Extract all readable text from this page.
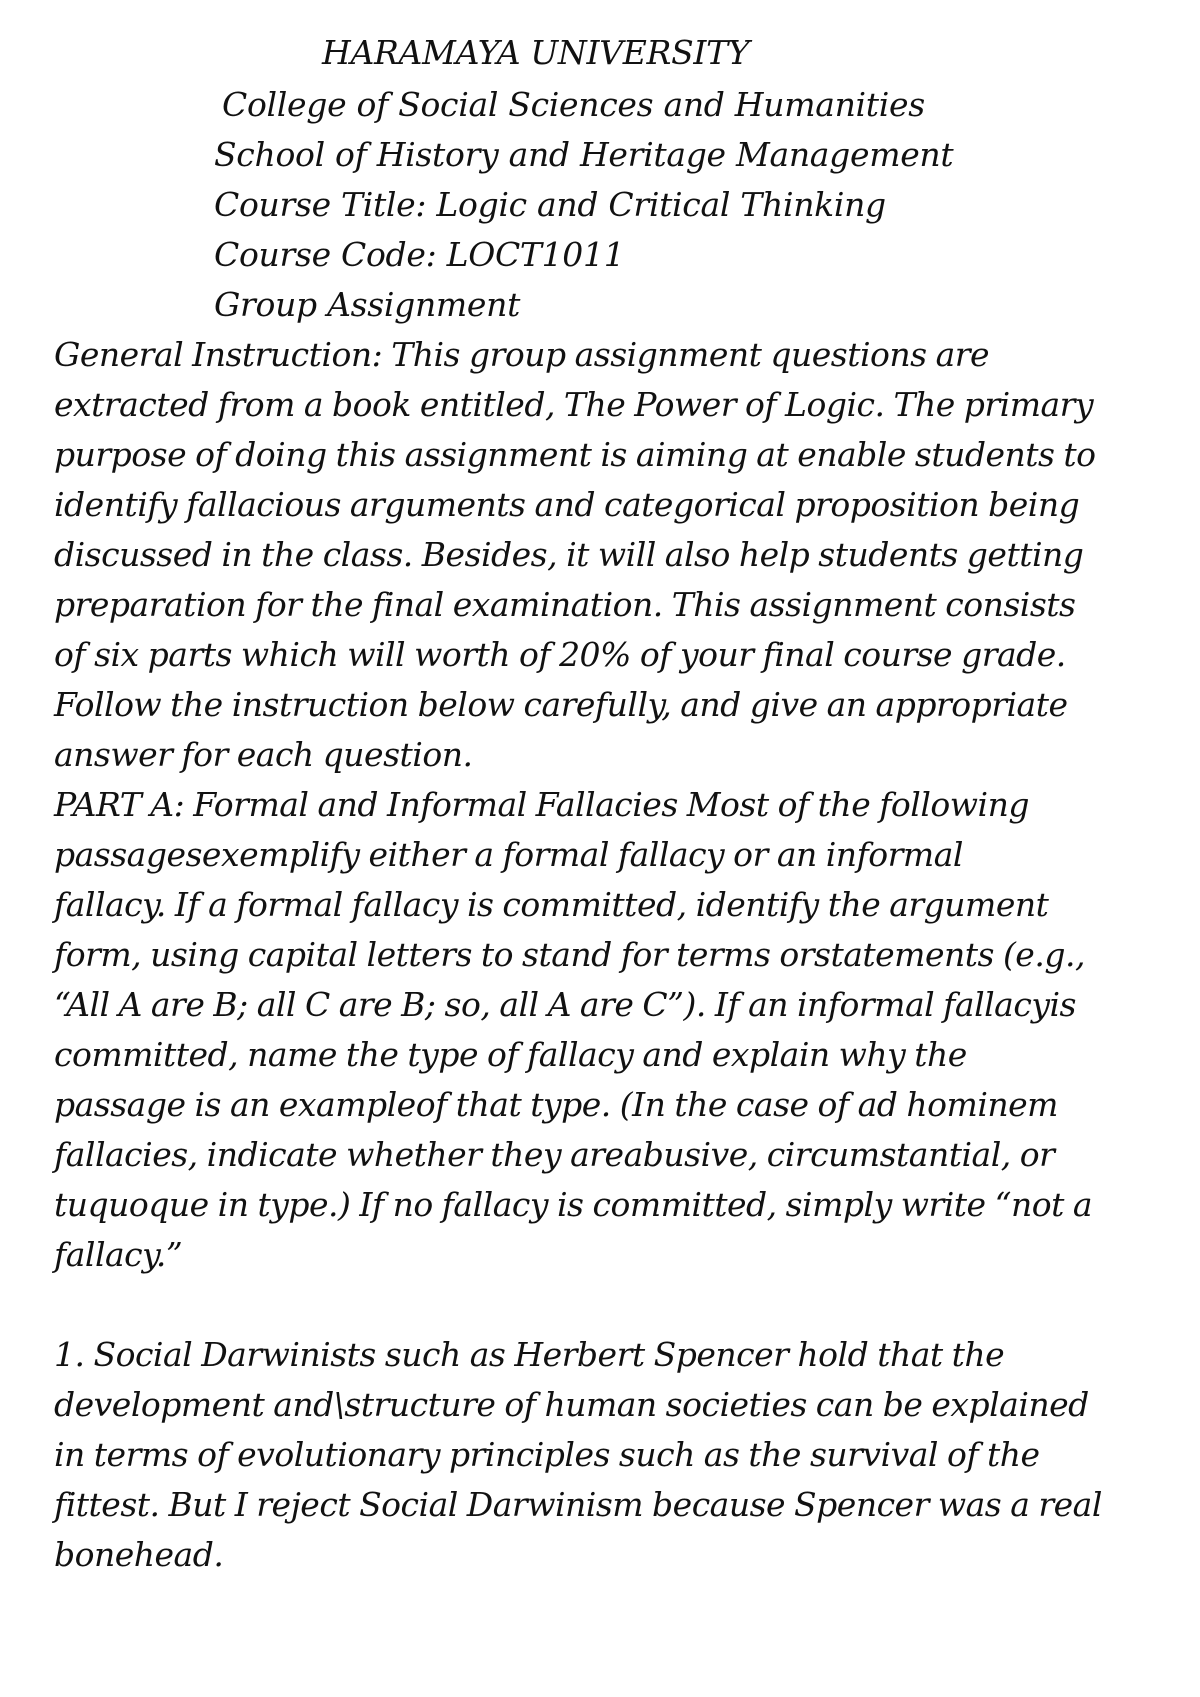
HARAMAYA UNIVERSITY
College of Social Sciences and Humanities
School of History and Heritage Management
Course Title: Logic and Critical Thinking
Course Code: LOCT1011
Group Assignment
General Instruction: This group assignment questions are
extracted from a book entitled, The Power of Logic. The primary
purpose of doing this assignment is aiming at enable students to
identify fallacious arguments and categorical proposition being
discussed in the class. Besides, it will also help students getting
preparation for the final examination. This assignment consists
of six parts which will worth of 20% of your final course grade.
Follow the instruction below carefully, and give an appropriate
answer for each question.
PART A: Formal and Informal Fallacies Most of the following
passagesexemplify either a formal fallacy or an informal
fallacy. If a formal fallacy is committed, identify the argument
form, using capital letters to stand for terms orstatements (e.g.,
“All A are B; all C are B; so, all A are C”). If an informal fallacyis
committed, name the type of fallacy and explain why the
passage is an exampleof that type. (In the case of ad hominem
fallacies, indicate whether they areabusive, circumstantial, or
tuquoque in type.) If no fallacy is committed, simply write “not a
fallacy.”
1. Social Darwinists such as Herbert Spencer hold that the
development and\structure of human societies can be explained
in terms of evolutionary principles such as the survival of the
fittest. But I reject Social Darwinism because Spencer was a real
bonehead.
